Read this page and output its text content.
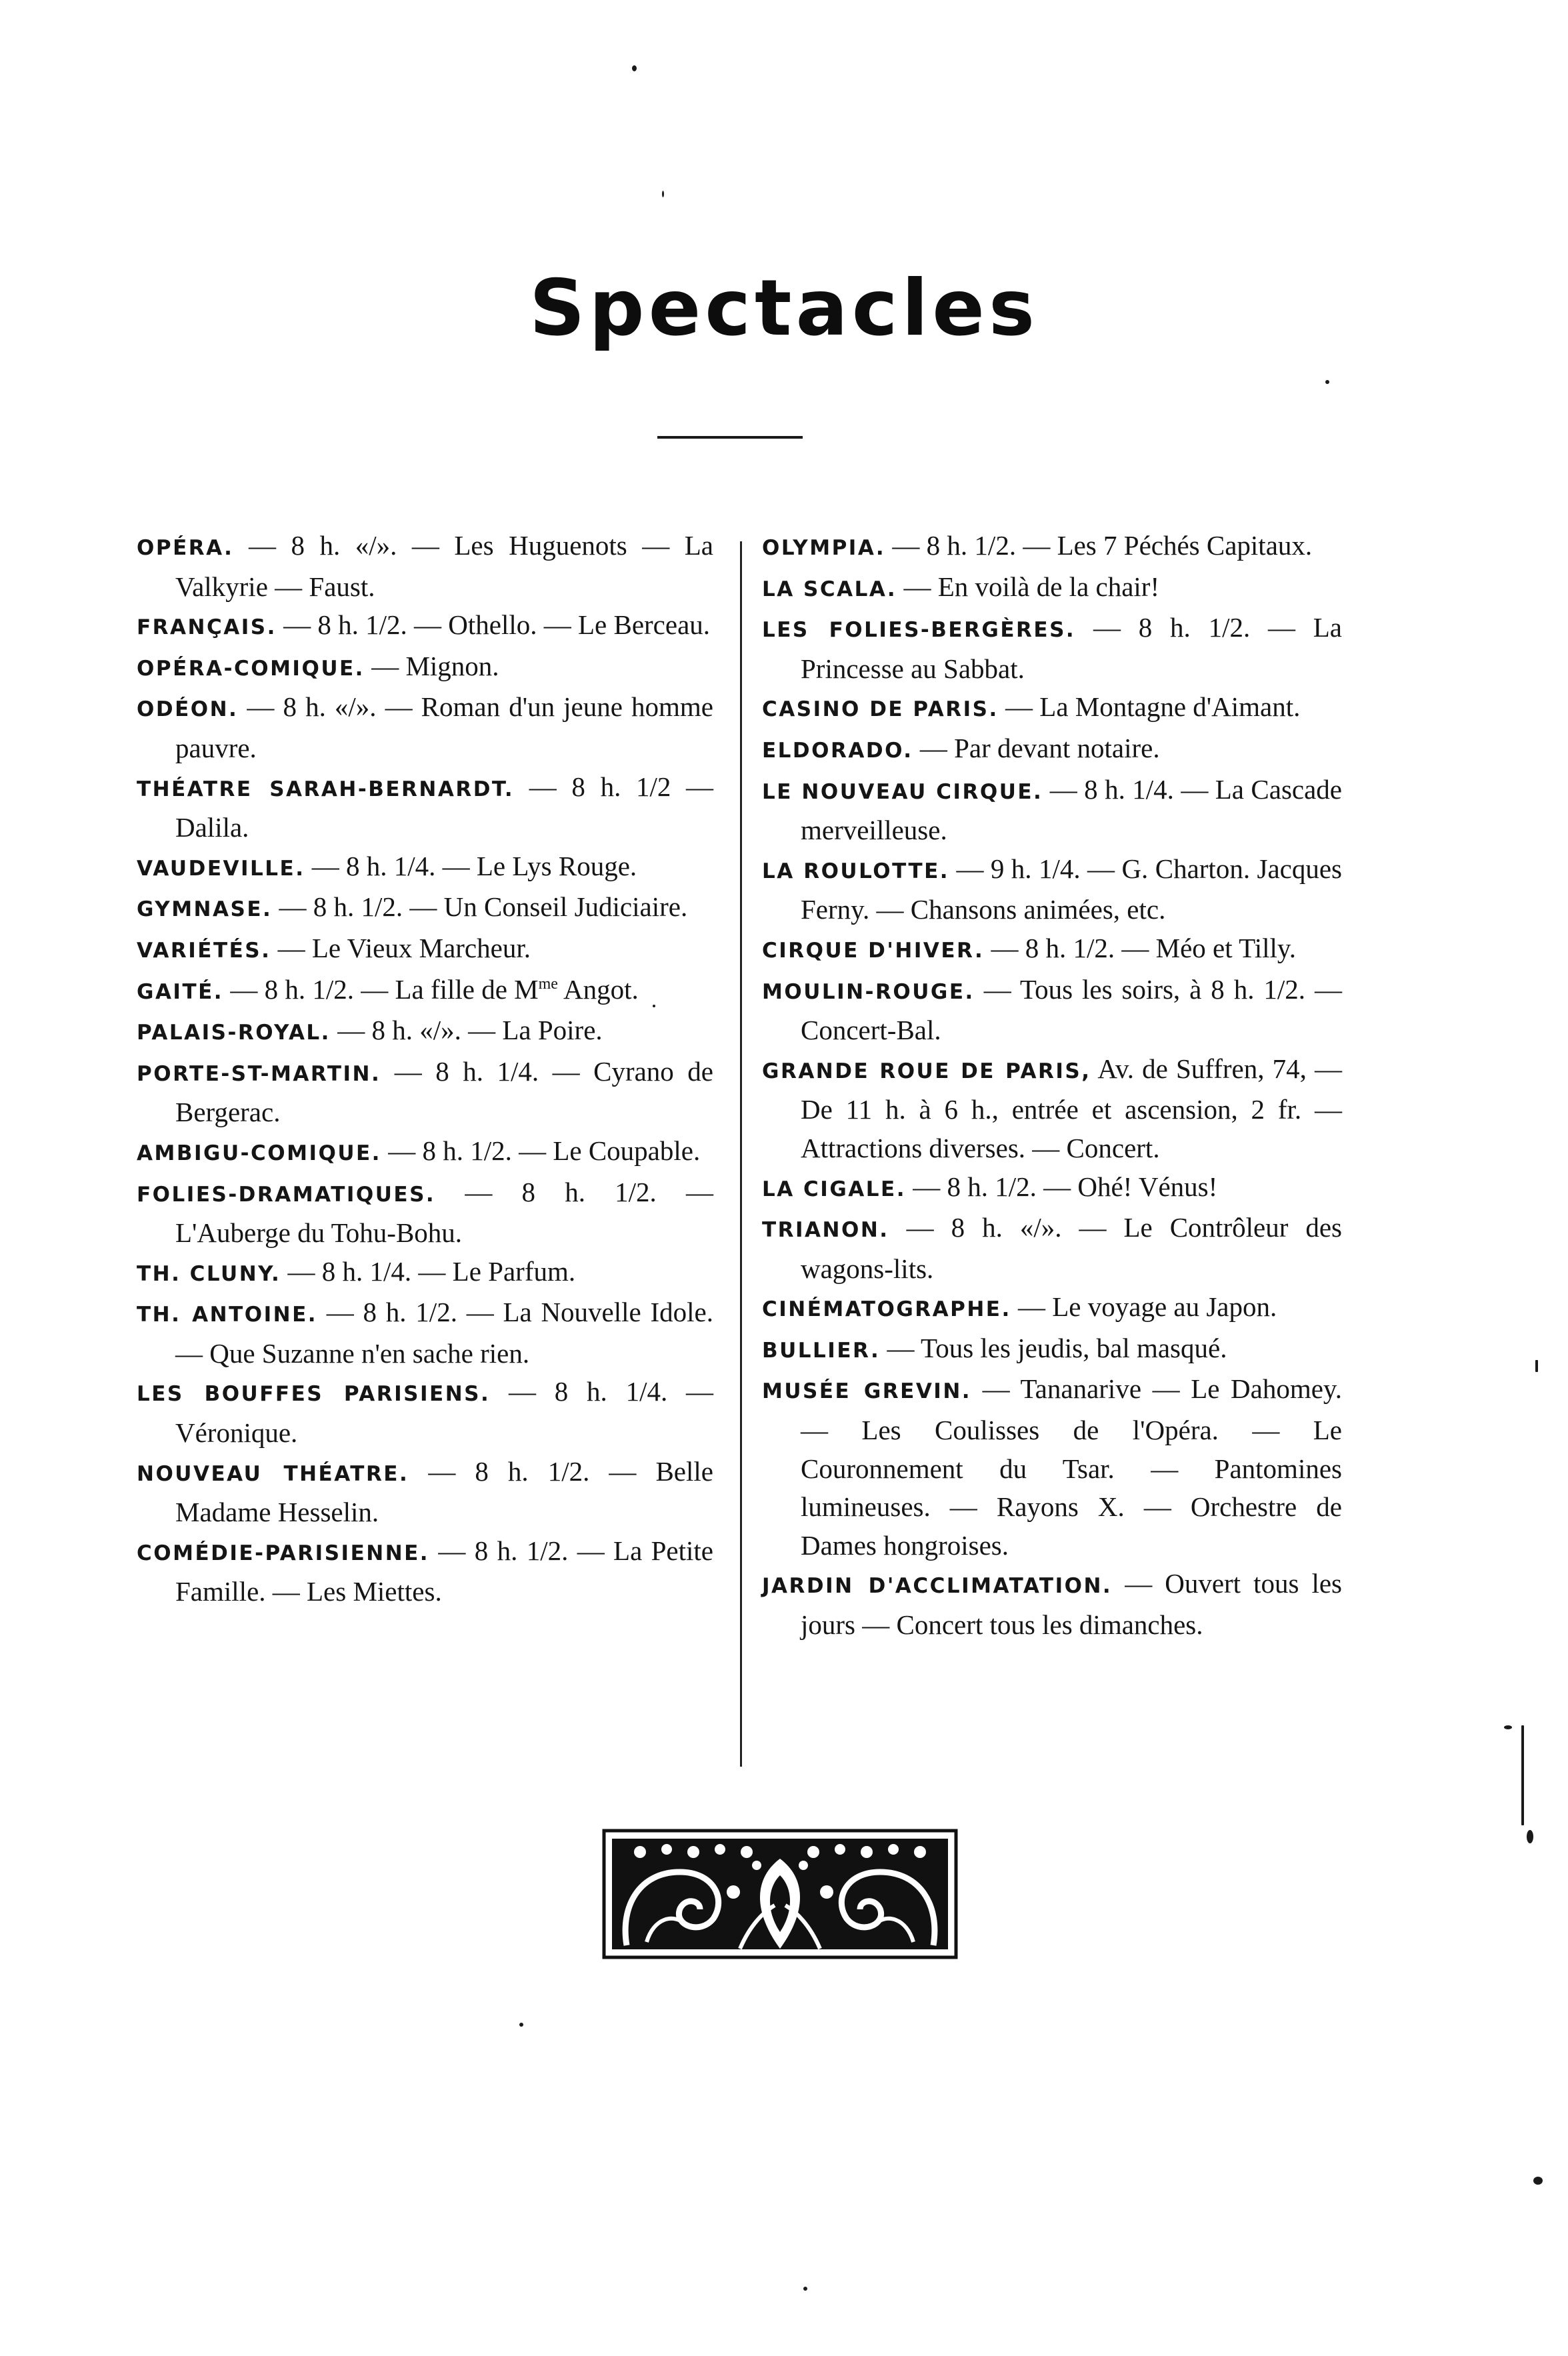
Spectacles

OPÉRA. — 8 h. «/». — Les Huguenots — La Valkyrie — Faust.

FRANÇAIS. — 8 h. 1/2. — Othello. — Le Berceau.

OPÉRA-COMIQUE. — Mignon.

ODÉON. — 8 h. «/». — Roman d'un jeune homme pauvre.

THÉATRE SARAH-BERNARDT. — 8 h. 1/2 — Dalila.

VAUDEVILLE. — 8 h. 1/4. — Le Lys Rouge.

GYMNASE. — 8 h. 1/2. — Un Conseil Judiciaire.

VARIÉTÉS. — Le Vieux Marcheur.

GAITÉ. — 8 h. 1/2. — La fille de $M^{me}$ Angot.

PALAIS-ROYAL. — 8 h. «/». — La Poire.

PORTE-ST-MARTIN. — 8 h. 1/4. — Cyrano de Bergerac.

AMBIGU-COMIQUE. — 8 h. 1/2. — Le Coupable.

FOLIES-DRAMATIQUES. — 8 h. 1/2. — L'Auberge du Tohu-Bohu.

TH. CLUNY. — 8 h. 1/4. — Le Parfum.

TH. ANTOINE. — 8 h. 1/2. — La Nouvelle Idole. — Que Suzanne n'en sache rien.

LES BOUFFES PARISIENS. — 8 h. 1/4. — Véronique.

NOUVEAU THÉATRE. — 8 h. 1/2. — Belle Madame Hesselin.

COMÉDIE-PARISIENNE. — 8 h. 1/2. — La Petite Famille. — Les Miettes.

OLYMPIA. — 8 h. 1/2. — Les 7 Péchés Capitaux.

LA SCALA. — En voilà de la chair!

LES FOLIES-BERGÈRES. — 8 h. 1/2. — La Princesse au Sabbat.

CASINO DE PARIS. — La Montagne d'Aimant.

ELDORADO. — Par devant notaire.

LE NOUVEAU CIRQUE. — 8 h. 1/4. — La Cascade merveilleuse.

LA ROULOTTE. — 9 h. 1/4. — G. Charton. Jacques Ferny. — Chansons animées, etc.

CIRQUE D'HIVER. — 8 h. 1/2. — Méo et Tilly.

MOULIN-ROUGE. — Tous les soirs, à 8 h. 1/2. — Concert-Bal.

GRANDE ROUE DE PARIS, Av. de Suffren, 74, — De 11 h. à 6 h., entrée et ascension, 2 fr. — Attractions diverses. — Concert.

LA CIGALE. — 8 h. 1/2. — Ohé! Vénus!

TRIANON. — 8 h. «/». — Le Contrôleur des wagons-lits.

CINÉMATOGRAPHE. — Le voyage au Japon.

BULLIER. — Tous les jeudis, bal masqué.

MUSÉE GREVIN. — Tananarive — Le Dahomey. — Les Coulisses de l'Opéra. — Le Couronnement du Tsar. — Pantomines lumineuses. — Rayons X. — Orchestre de Dames hongroises.

JARDIN D'ACCLIMATATION. — Ouvert tous les jours — Concert tous les dimanches.
